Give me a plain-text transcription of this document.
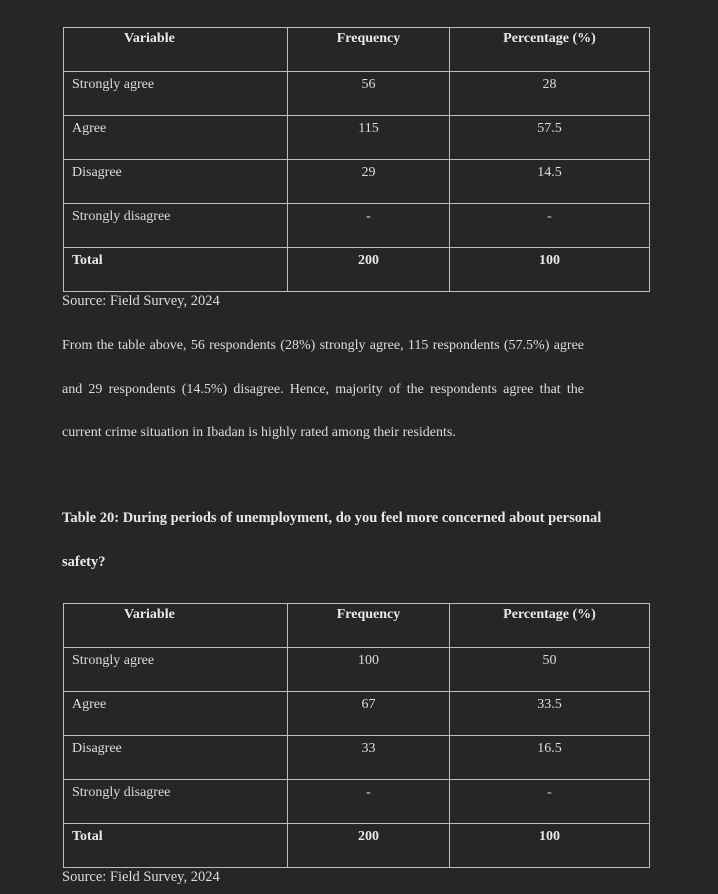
Variable	Frequency	Percentage (%)

Strongly agree	56	28

Agree	115	57.5

Disagree	29	14.5

Strongly disagree	-	-

Total	200	100
Source: Field Survey, 2024
From the table above, 56 respondents (28%) strongly agree, 115 respondents (57.5%) agree and 29 respondents (14.5%) disagree. Hence, majority of the respondents agree that the current crime situation in Ibadan is highly rated among their residents.
Table 20: During periods of unemployment, do you feel more concerned about personal safety?
Variable	Frequency	Percentage (%)

Strongly agree	100	50

Agree	67	33.5

Disagree	33	16.5

Strongly disagree	-	-

Total	200	100
Source: Field Survey, 2024
